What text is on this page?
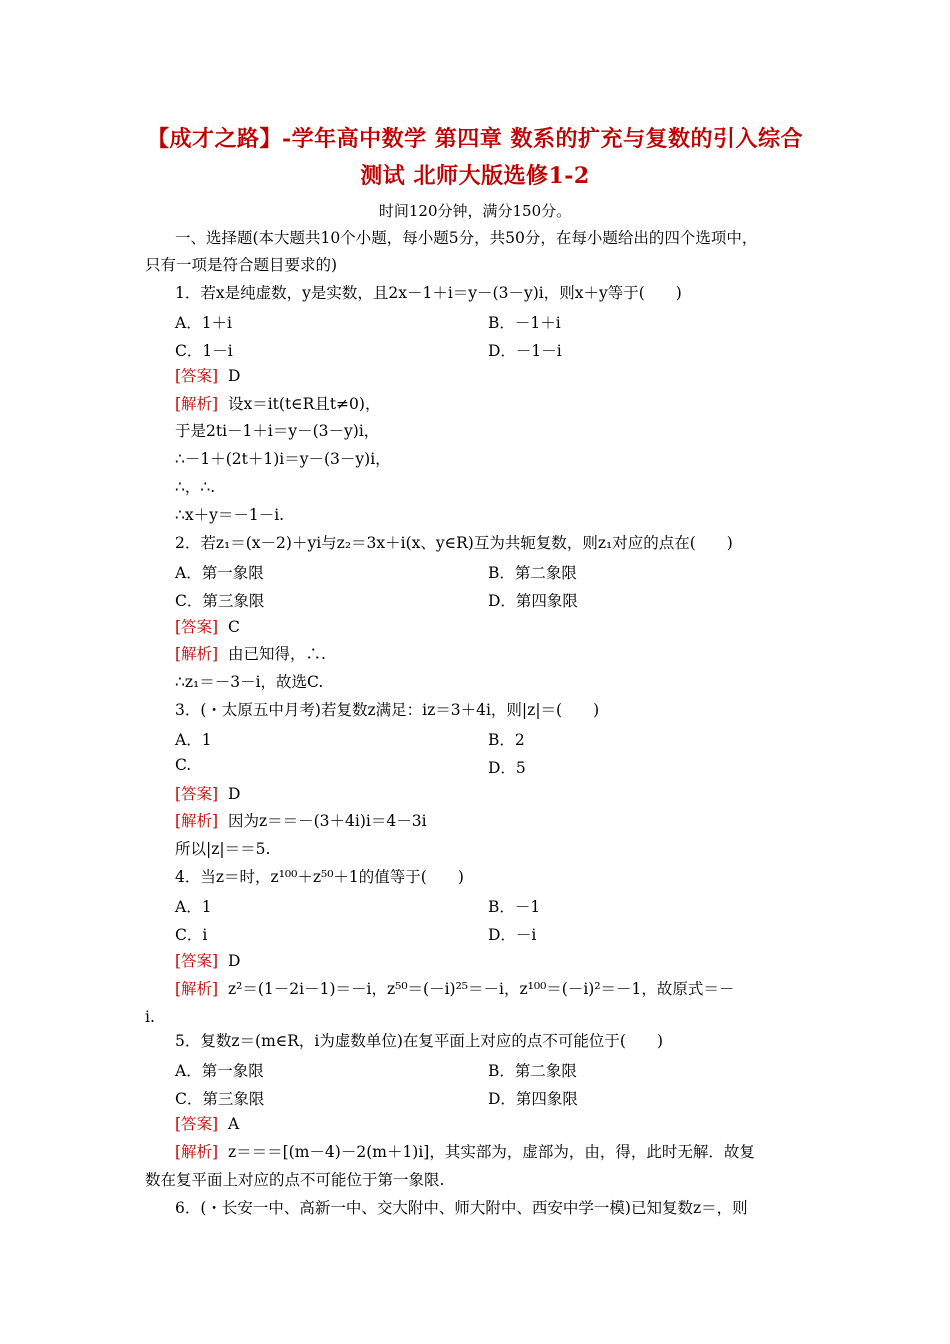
【成才之路】-学年高中数学 第四章 数系的扩充与复数的引入综合
测试 北师大版选修1-2
时间120分钟，满分150分。
一、选择题(本大题共10个小题，每小题5分，共50分，在每小题给出的四个选项中，
只有一项是符合题目要求的)
1．若x是纯虚数，y是实数，且2x－1＋i＝y－(3－y)i，则x＋y等于(　　)
A．1＋i	B．－1＋i
C．1－i	D．－1－i
[答案] D
[解析] 设x＝it(t∈R且t≠0)，
于是2ti－1＋i＝y－(3－y)i，
∴－1＋(2t＋1)i＝y－(3－y)i，
∴，∴.
∴x＋y＝－1－i.
2．若z₁＝(x－2)＋yi与z₂＝3x＋i(x、y∈R)互为共轭复数，则z₁对应的点在(　　)
A．第一象限	B．第二象限
C．第三象限	D．第四象限
[答案] C
[解析] 由已知得，∴.
∴z₁＝－3－i，故选C.
3．(・太原五中月考)若复数z满足：iz＝3＋4i，则|z|＝(　　)
A．1	B．2
C.	D．5
[答案] D
[解析] 因为z＝＝－(3＋4i)i＝4－3i
所以|z|＝＝5.
4．当z＝时，z¹⁰⁰＋z⁵⁰＋1的值等于(　　)
A．1	B．－1
C．i	D．－i
[答案] D
[解析] z²＝(1－2i－1)＝－i，z⁵⁰＝(－i)²⁵＝－i，z¹⁰⁰＝(－i)²＝－1，故原式＝－
i.
5．复数z＝(m∈R，i为虚数单位)在复平面上对应的点不可能位于(　　)
A．第一象限	B．第二象限
C．第三象限	D．第四象限
[答案] A
[解析] z＝＝＝[(m－4)－2(m＋1)i]，其实部为，虚部为，由，得，此时无解．故复
数在复平面上对应的点不可能位于第一象限.
6．(・长安一中、高新一中、交大附中、师大附中、西安中学一模)已知复数z＝，则
